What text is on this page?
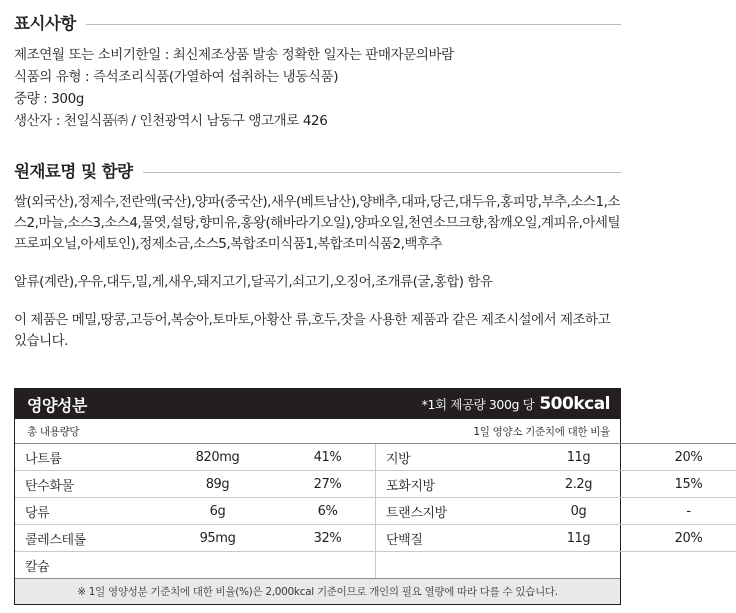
표시사항
제조연월 또는 소비기한일 : 최신제조상품 발송 정확한 일자는 판매자문의바람
식품의 유형 : 즉석조리식품(가열하여 섭취하는 냉동식품)
중량 : 300g
생산자 : 천일식품㈜ / 인천광역시 남동구 앵고개로 426
원재료명 및 함량

쌀(외국산),정제수,전란액(국산),양파(중국산),새우(베트남산),양배추,대파,당근,대두유,홍피망,부추,소스1,소스2,마늘,소스3,소스4,물엿,설탕,향미유,홍왕(해바라기오일),양파오일,천연소므크향,참깨오일,계피유,아세틸프로피오닐,아세토인),정제소금,소스5,복합조미식품1,복합조미식품2,백후추

알류(계란),우유,대두,밀,게,새우,돼지고기,달곡기,쇠고기,오징어,조개류(굴,홍합) 함유

이 제품은 메밀,땅콩,고등어,복숭아,토마토,아황산 류,호두,잣을 사용한 제품과 같은 제조시설에서 제조하고 있습니다.

영양성분	*1회 제공량 300g 당 500kcal
총 내용량당	1일 영양소 기준치에 대한 비율
나트륨	820mg	41%		지방	11g	20%
탄수화물	89g	27%		포화지방	2.2g	15%
당류	6g	6%		트랜스지방	0g	-
콜레스테롤	95mg	32%		단백질	11g	20%
칼슘						
※ 1일 영양성분 기준치에 대한 비율(%)은 2,000kcal 기준이므로 개인의 필요 열량에 따라 다를 수 있습니다.
